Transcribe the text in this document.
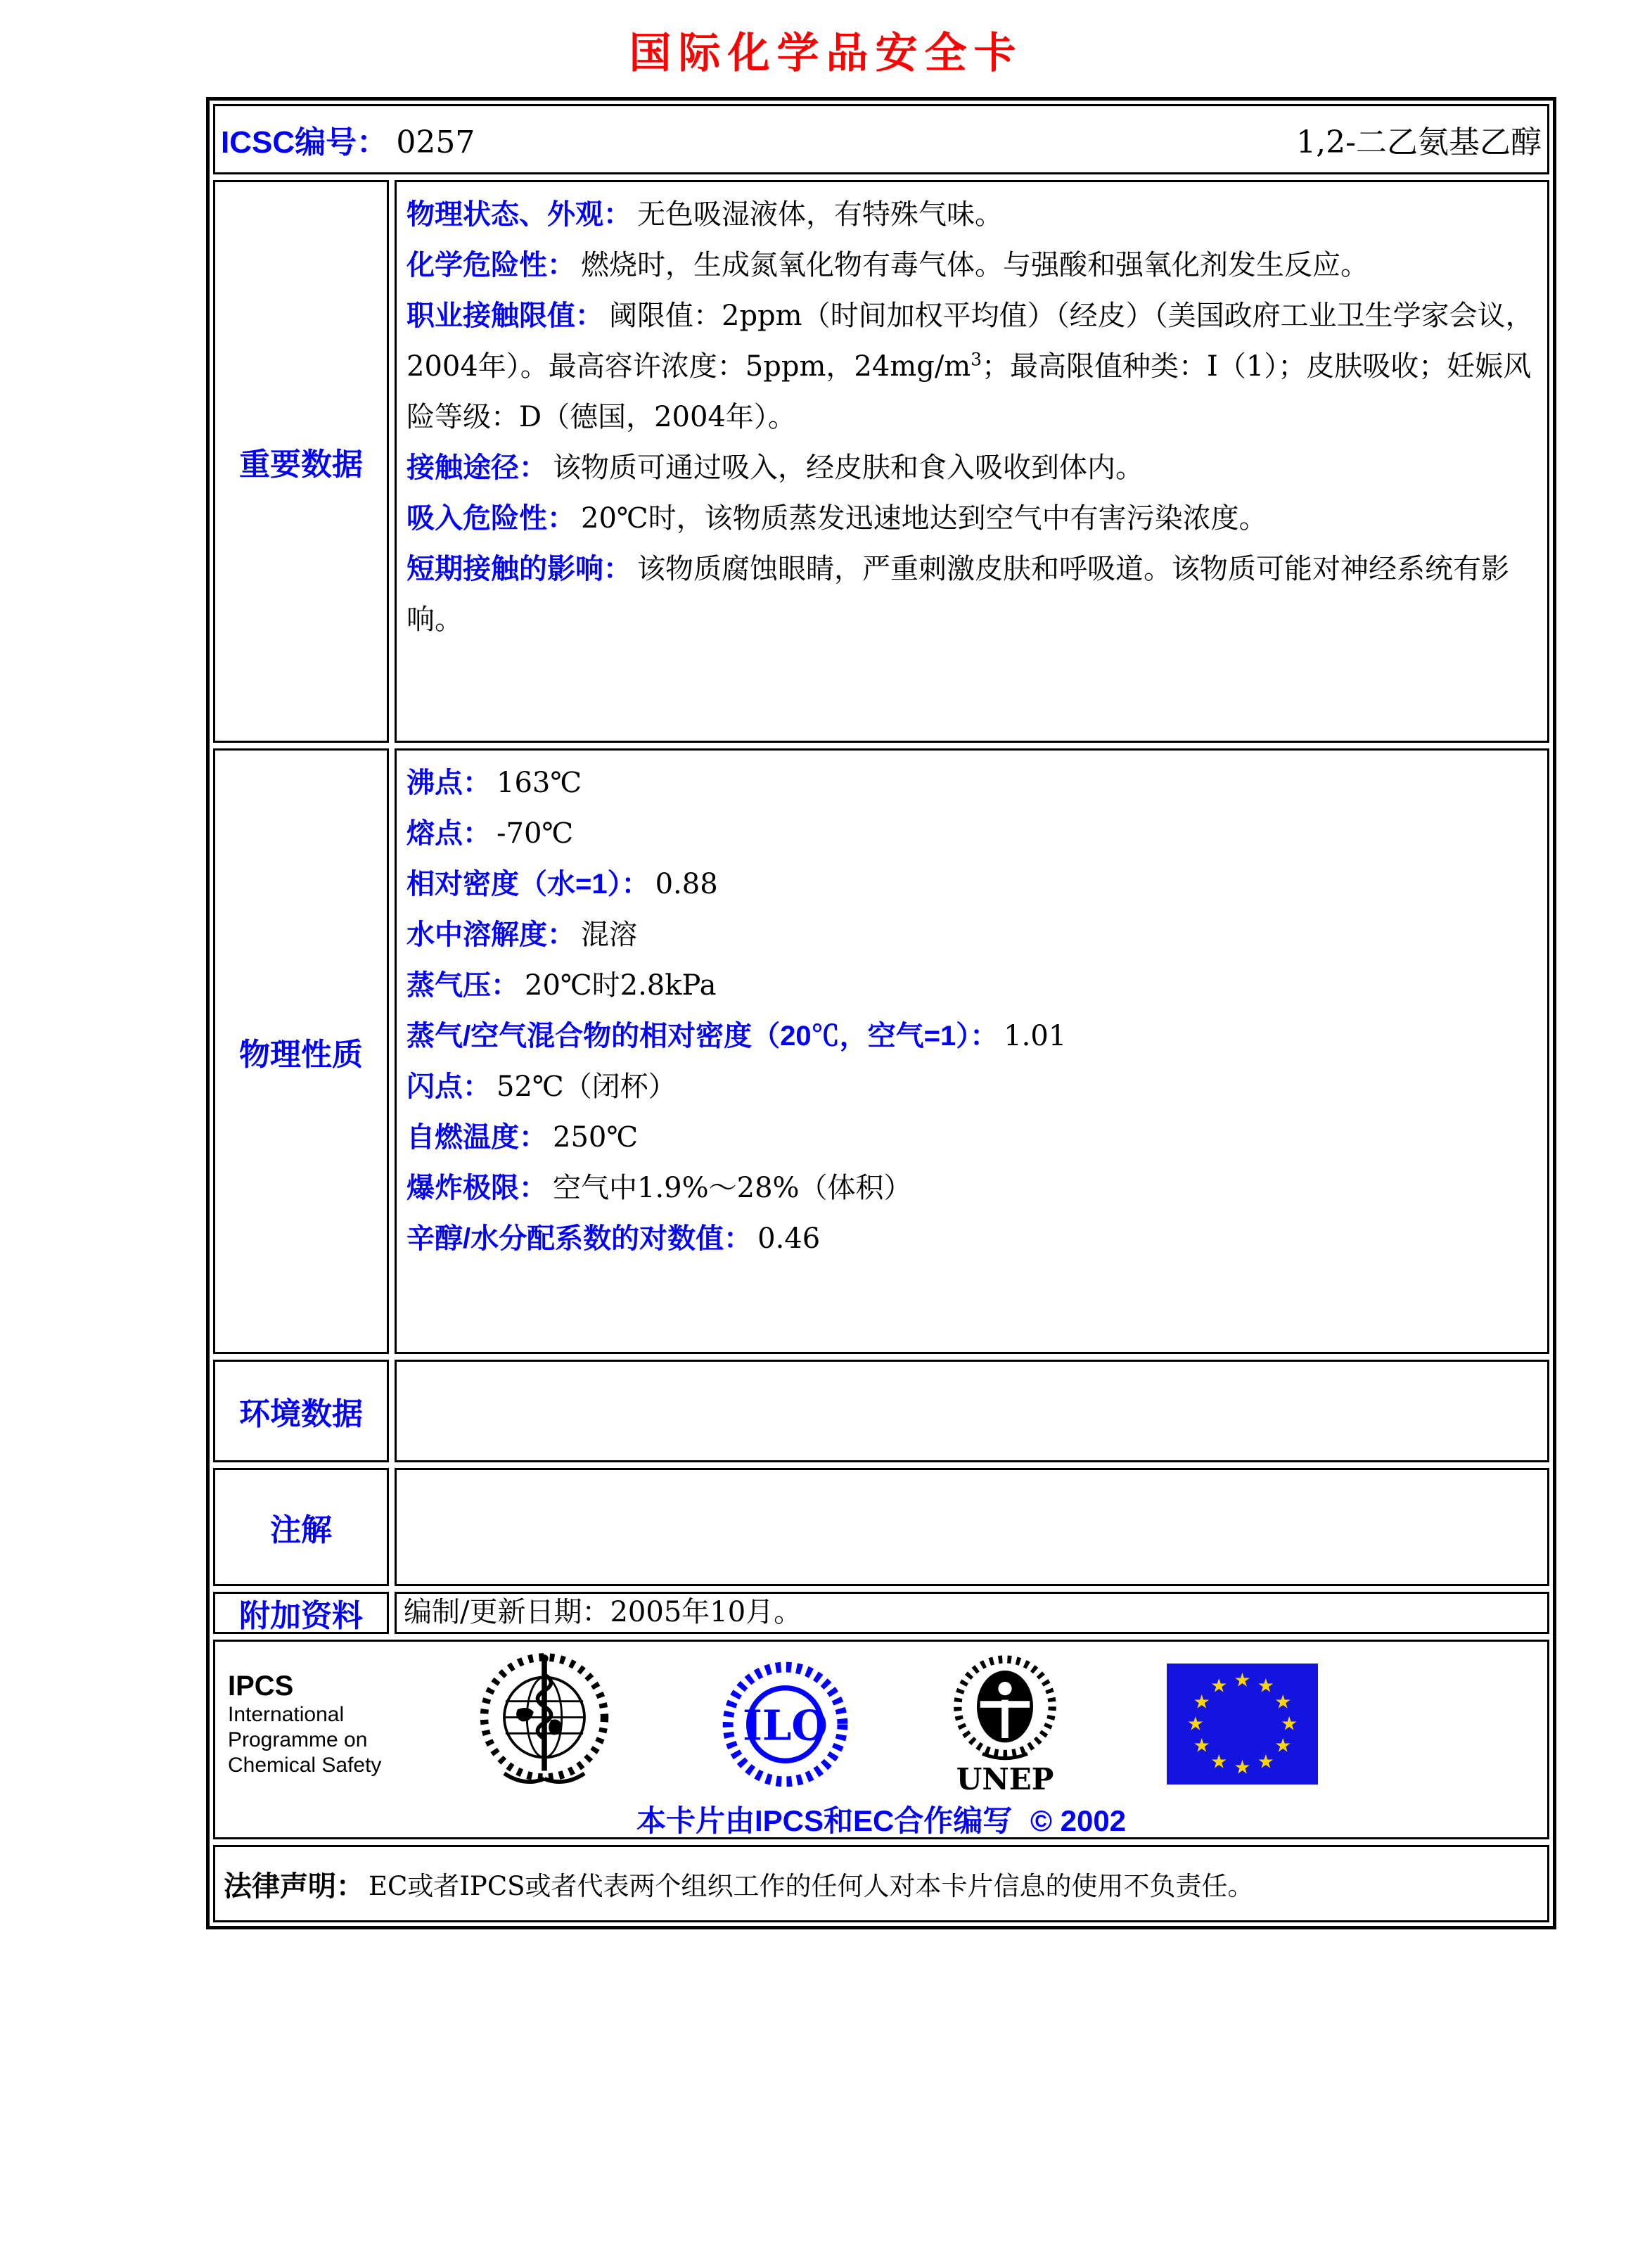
国际化学品安全卡
ICSC编号： 0257	1,2-二乙氨基乙醇
重要数据
物理状态、外观： 无色吸湿液体，有特殊气味。
化学危险性： 燃烧时，生成氮氧化物有毒气体。与强酸和强氧化剂发生反应。
职业接触限值： 阈限值：2ppm（时间加权平均值）（经皮）（美国政府工业卫生学家会议，2004年）。最高容许浓度：5ppm，$24mg/m^3$；最高限值种类：I（1）；皮肤吸收；妊娠风险等级：D（德国，2004年）。
接触途径： 该物质可通过吸入，经皮肤和食入吸收到体内。
吸入危险性： 20℃时，该物质蒸发迅速地达到空气中有害污染浓度。
短期接触的影响： 该物质腐蚀眼睛，严重刺激皮肤和呼吸道。该物质可能对神经系统有影响。
物理性质
沸点： 163℃
熔点： -70℃
相对密度（水=1）： 0.88
水中溶解度： 混溶
蒸气压： 20℃时2.8kPa
蒸气/空气混合物的相对密度（20℃，空气=1）： 1.01
闪点： 52℃（闭杯）
自燃温度： 250℃
爆炸极限： 空气中1.9%～28%（体积）
辛醇/水分配系数的对数值： 0.46
环境数据
注解
附加资料	编制/更新日期：2005年10月。
IPCS
International
Programme on
Chemical Safety
ILO
UNEP
★ ★
★
★
★
★
★
★
★
★
★
★
本卡片由IPCS和EC合作编写 © 2002
法律声明： EC或者IPCS或者代表两个组织工作的任何人对本卡片信息的使用不负责任。
